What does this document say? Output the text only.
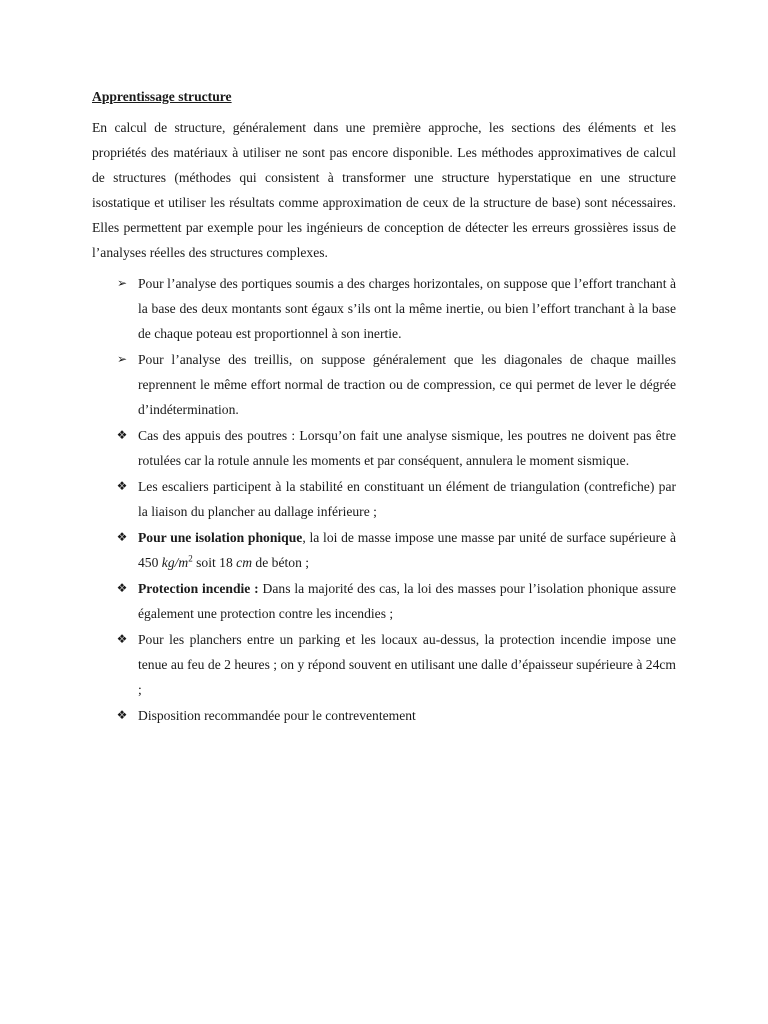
Apprentissage structure

En calcul de structure, généralement dans une première approche, les sections des éléments et les propriétés des matériaux à utiliser ne sont pas encore disponible. Les méthodes approximatives de calcul de structures (méthodes qui consistent à transformer une structure hyperstatique en une structure isostatique et utiliser les résultats comme approximation de ceux de la structure de base) sont nécessaires. Elles permettent par exemple pour les ingénieurs de conception de détecter les erreurs grossières issus de l’analyses réelles des structures complexes.

➢ Pour l’analyse des portiques soumis a des charges horizontales, on suppose que l’effort tranchant à la base des deux montants sont égaux s’ils ont la même inertie, ou bien l’effort tranchant à la base de chaque poteau est proportionnel à son inertie.
➢ Pour l’analyse des treillis, on suppose généralement que les diagonales de chaque mailles reprennent le même effort normal de traction ou de compression, ce qui permet de lever le dégrée d’indétermination.
❖ Cas des appuis des poutres : Lorsqu’on fait une analyse sismique, les poutres ne doivent pas être rotulées car la rotule annule les moments et par conséquent, annulera le moment sismique.
❖ Les escaliers participent à la stabilité en constituant un élément de triangulation (contrefiche) par la liaison du plancher au dallage inférieure ;
❖ Pour une isolation phonique, la loi de masse impose une masse par unité de surface supérieure à 450 $kg/m^2$ soit 18 cm de béton ;
❖ Protection incendie : Dans la majorité des cas, la loi des masses pour l’isolation phonique assure également une protection contre les incendies ;
❖ Pour les planchers entre un parking et les locaux au-dessus, la protection incendie impose une tenue au feu de 2 heures ; on y répond souvent en utilisant une dalle d’épaisseur supérieure à 24cm ;
❖ Disposition recommandée pour le contreventement
